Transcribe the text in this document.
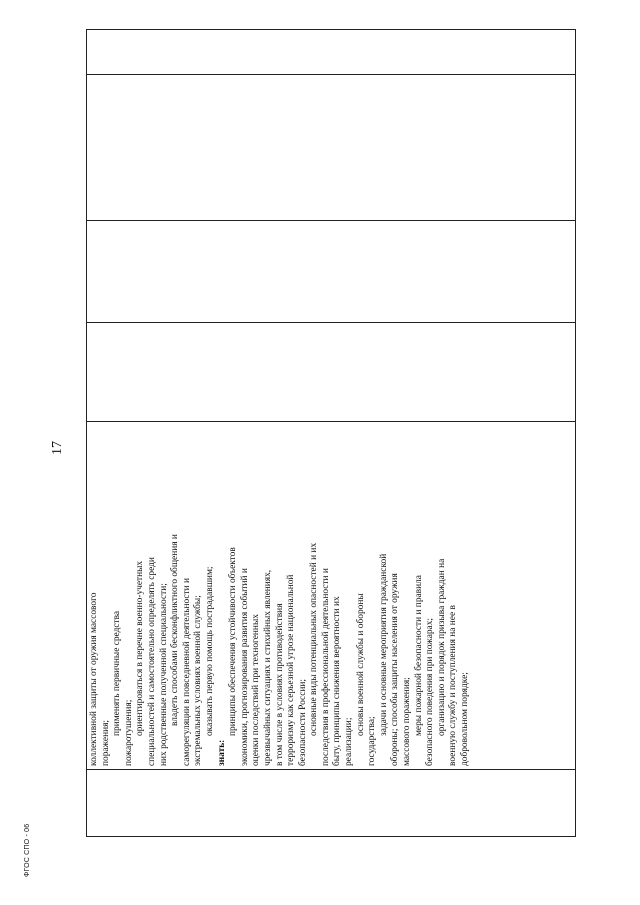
17

коллективной защиты от оружия массового поражения;
применять первичные средства пожаротушения; ориентироваться в перечне военно-учетных специальностей и самостоятельно определять среди них родственные полученной специальности; владеть способами бесконфликтного общения и саморегуляции в повседневной деятельности и экстремальных условиях военной службы; оказывать первую помощь пострадавшим;
знать:
принципы обеспечения устойчивости объектов экономики, прогнозирования развития событий и оценки последствий при техногенных чрезвычайных ситуациях и стихийных явлениях, в том числе в условиях противодействия терроризму как серьезной угрозе национальной безопасности России; основные виды потенциальных опасностей и их последствия в профессиональной деятельности и быту, принципы снижения вероятности их реализации;
основы военной службы и обороны
государства;
задачи и основные мероприятия гражданской обороны; способы защиты населения от оружия массового поражения; меры пожарной безопасности и правила безопасного поведения при пожарах; организацию и порядок призыва граждан на военную службу и поступления на нее в добровольном порядке;

ФГОС СПО - 06
